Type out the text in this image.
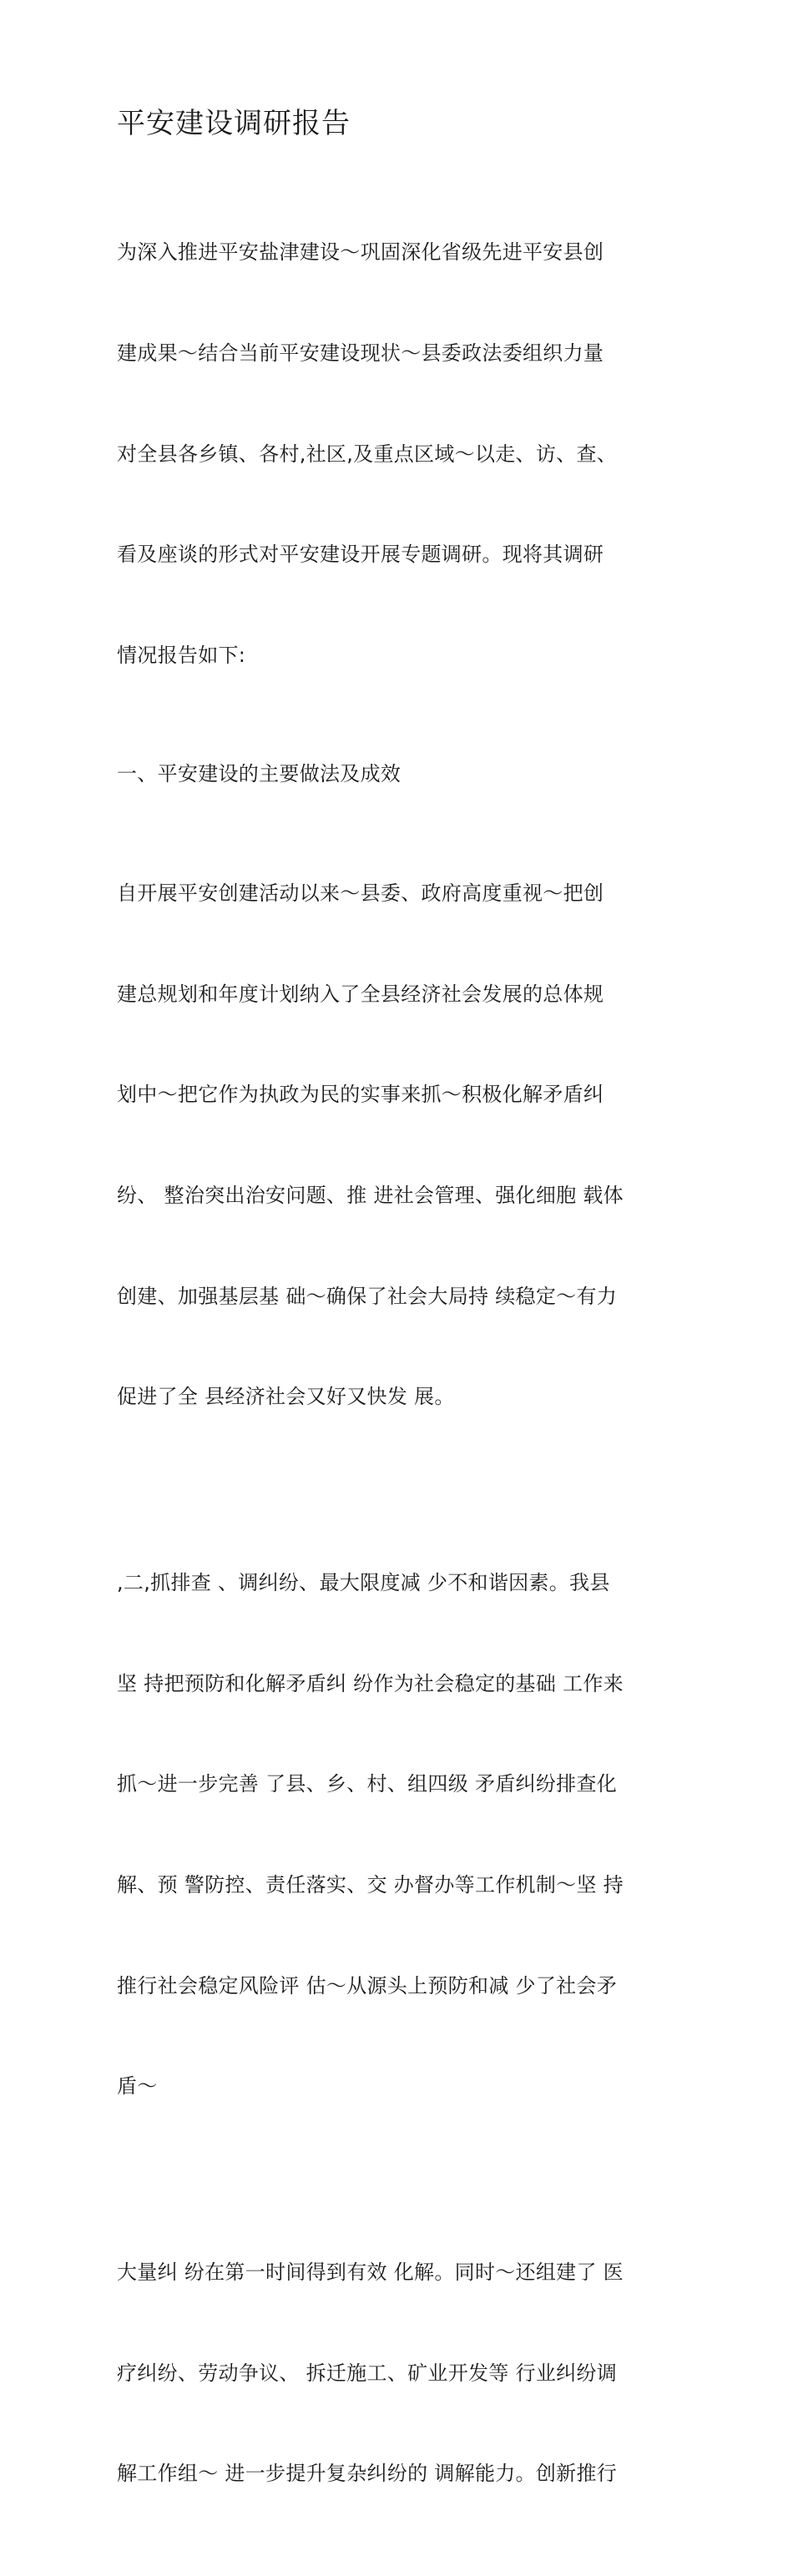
平安建设调研报告

为深入推进平安盐津建设～巩固深化省级先进平安县创

建成果～结合当前平安建设现状～县委政法委组织力量

对全县各乡镇、各村,社区,及重点区域～以走、访、查、

看及座谈的形式对平安建设开展专题调研。现将其调研

情况报告如下:

一、平安建设的主要做法及成效

自开展平安创建活动以来～县委、政府高度重视～把创

建总规划和年度计划纳入了全县经济社会发展的总体规

划中～把它作为执政为民的实事来抓～积极化解矛盾纠

纷、 整治突出治安问题、推 进社会管理、强化细胞 载体

创建、加强基层基 础～确保了社会大局持 续稳定～有力

促进了全 县经济社会又好又快发 展。

,二,抓排查 、调纠纷、最大限度减 少不和谐因素。我县

坚 持把预防和化解矛盾纠 纷作为社会稳定的基础 工作来

抓～进一步完善 了县、乡、村、组四级 矛盾纠纷排查化

解、预 警防控、责任落实、交 办督办等工作机制～坚 持

推行社会稳定风险评 估～从源头上预防和减 少了社会矛

盾～

大量纠 纷在第一时间得到有效 化解。同时～还组建了 医

疗纠纷、劳动争议、 拆迁施工、矿业开发等 行业纠纷调

解工作组～ 进一步提升复杂纠纷的 调解能力。创新推行
